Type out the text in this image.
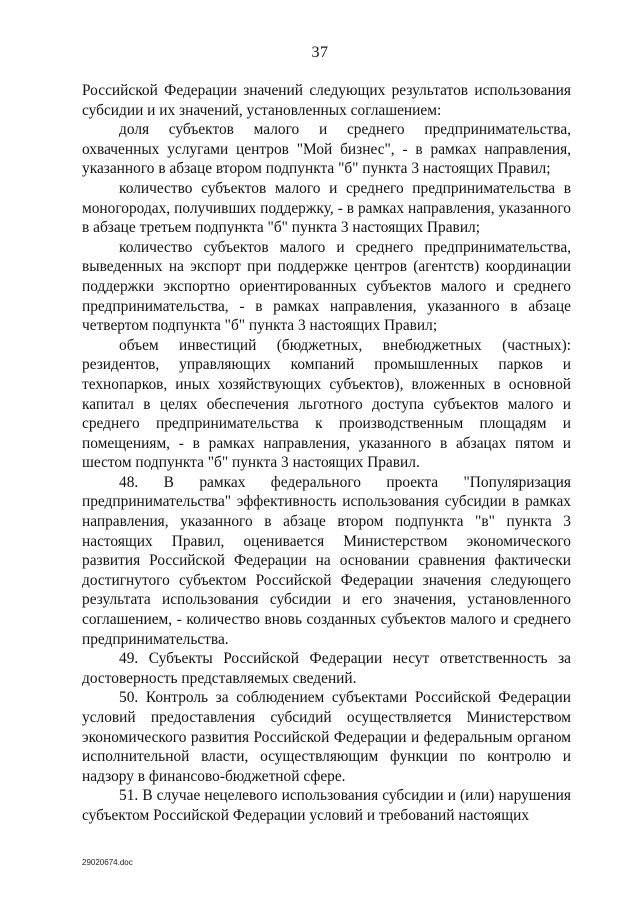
37

Российской Федерации значений следующих результатов использования субсидии и их значений, установленных соглашением:

доля субъектов малого и среднего предпринимательства, охваченных услугами центров "Мой бизнес", - в рамках направления, указанного в абзаце втором подпункта "б" пункта 3 настоящих Правил;

количество субъектов малого и среднего предпринимательства в моногородах, получивших поддержку, - в рамках направления, указанного в абзаце третьем подпункта "б" пункта 3 настоящих Правил;

количество субъектов малого и среднего предпринимательства, выведенных на экспорт при поддержке центров (агентств) координации поддержки экспортно ориентированных субъектов малого и среднего предпринимательства, - в рамках направления, указанного в абзаце четвертом подпункта "б" пункта 3 настоящих Правил;

объем инвестиций (бюджетных, внебюджетных (частных): резидентов, управляющих компаний промышленных парков и технопарков, иных хозяйствующих субъектов), вложенных в основной капитал в целях обеспечения льготного доступа субъектов малого и среднего предпринимательства к производственным площадям и помещениям, - в рамках направления, указанного в абзацах пятом и шестом подпункта "б" пункта 3 настоящих Правил.

48. В рамках федерального проекта "Популяризация предпринимательства" эффективность использования субсидии в рамках направления, указанного в абзаце втором подпункта "в" пункта 3 настоящих Правил, оценивается Министерством экономического развития Российской Федерации на основании сравнения фактически достигнутого субъектом Российской Федерации значения следующего результата использования субсидии и его значения, установленного соглашением, - количество вновь созданных субъектов малого и среднего предпринимательства.

49. Субъекты Российской Федерации несут ответственность за достоверность представляемых сведений.

50. Контроль за соблюдением субъектами Российской Федерации условий предоставления субсидий осуществляется Министерством экономического развития Российской Федерации и федеральным органом исполнительной власти, осуществляющим функции по контролю и надзору в финансово-бюджетной сфере.

51. В случае нецелевого использования субсидии и (или) нарушения субъектом Российской Федерации условий и требований настоящих

29020674.doc
